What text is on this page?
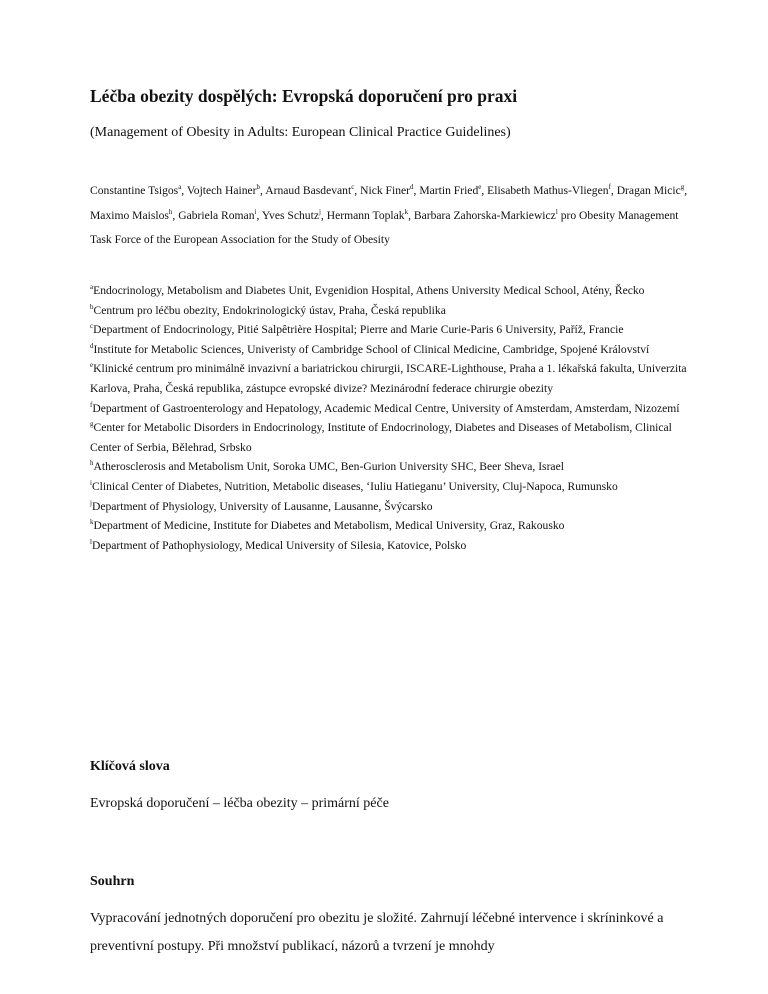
Léčba obezity dospělých: Evropská doporučení pro praxi
(Management of Obesity in Adults: European Clinical Practice Guidelines)
Constantine Tsigos$^a$, Vojtech Hainer$^b$, Arnaud Basdevant$^c$, Nick Finer$^d$, Martin Fried$^e$, Elisabeth Mathus-Vliegen$^f$, Dragan Micic$^g$, Maximo Maislos$^h$, Gabriela Roman$^i$, Yves Schutz$^j$, Hermann Toplak$^k$, Barbara Zahorska-Markiewicz$^l$ pro Obesity Management Task Force of the European Association for the Study of Obesity
$^a$Endocrinology, Metabolism and Diabetes Unit, Evgenidion Hospital, Athens University Medical School, Atény, Řecko
$^b$Centrum pro léčbu obezity, Endokrinologický ústav, Praha, Česká republika
$^c$Department of Endocrinology, Pitié Salpêtrière Hospital; Pierre and Marie Curie-Paris 6 University, Paříž, Francie
$^d$Institute for Metabolic Sciences, Univeristy of Cambridge School of Clinical Medicine, Cambridge, Spojené Království
$^e$Klinické centrum pro minimálně invazivní a bariatrickou chirurgii, ISCARE-Lighthouse, Praha a 1. lékařská fakulta, Univerzita Karlova, Praha, Česká republika, zástupce evropské divize? Mezinárodní federace chirurgie obezity
$^f$Department of Gastroenterology and Hepatology, Academic Medical Centre, University of Amsterdam, Amsterdam, Nizozemí
$^g$Center for Metabolic Disorders in Endocrinology, Institute of Endocrinology, Diabetes and Diseases of Metabolism, Clinical Center of Serbia, Bělehrad, Srbsko
$^h$Atherosclerosis and Metabolism Unit, Soroka UMC, Ben-Gurion University SHC, Beer Sheva, Israel
$^i$Clinical Center of Diabetes, Nutrition, Metabolic diseases, ‘Iuliu Hatieganu’ University, Cluj-Napoca, Rumunsko
$^j$Department of Physiology, University of Lausanne, Lausanne, Švýcarsko
$^k$Department of Medicine, Institute for Diabetes and Metabolism, Medical University, Graz, Rakousko
$^l$Department of Pathophysiology, Medical University of Silesia, Katovice, Polsko
Klíčová slova
Evropská doporučení – léčba obezity – primární péče
Souhrn
Vypracování jednotných doporučení pro obezitu je složité. Zahrnují léčebné intervence i skríninkové a preventivní postupy. Při množství publikací, názorů a tvrzení je mnohdy
